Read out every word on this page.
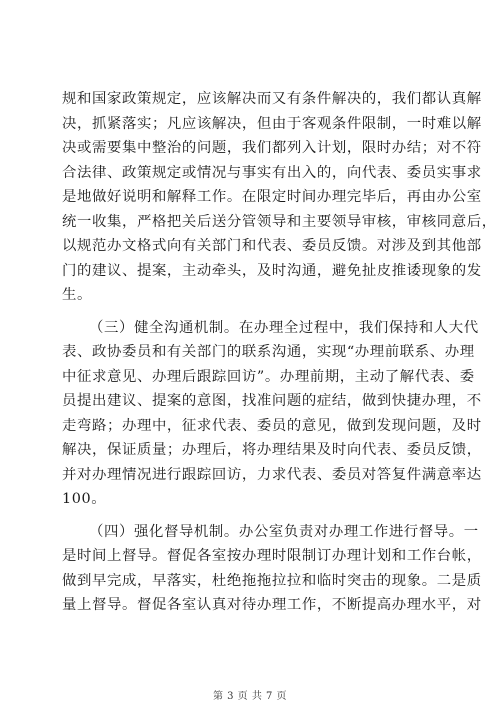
规和国家政策规定，应该解决而又有条件解决的，我们都认真解
决，抓紧落实；凡应该解决，但由于客观条件限制，一时难以解
决或需要集中整治的问题，我们都列入计划，限时办结；对不符
合法律、政策规定或情况与事实有出入的，向代表、委员实事求
是地做好说明和解释工作。在限定时间办理完毕后，再由办公室
统一收集，严格把关后送分管领导和主要领导审核，审核同意后，
以规范办文格式向有关部门和代表、委员反馈。对涉及到其他部
门的建议、提案，主动牵头，及时沟通，避免扯皮推诿现象的发
生。
（三）健全沟通机制。在办理全过程中，我们保持和人大代
表、政协委员和有关部门的联系沟通，实现“办理前联系、办理
中征求意见、办理后跟踪回访”。办理前期，主动了解代表、委
员提出建议、提案的意图，找准问题的症结，做到快捷办理，不
走弯路；办理中，征求代表、委员的意见，做到发现问题，及时
解决，保证质量；办理后，将办理结果及时向代表、委员反馈，
并对办理情况进行跟踪回访，力求代表、委员对答复件满意率达
100。
（四）强化督导机制。办公室负责对办理工作进行督导。一
是时间上督导。督促各室按办理时限制订办理计划和工作台帐，
做到早完成，早落实，杜绝拖拖拉拉和临时突击的现象。二是质
量上督导。督促各室认真对待办理工作，不断提高办理水平，对
第 3 页 共 7 页
